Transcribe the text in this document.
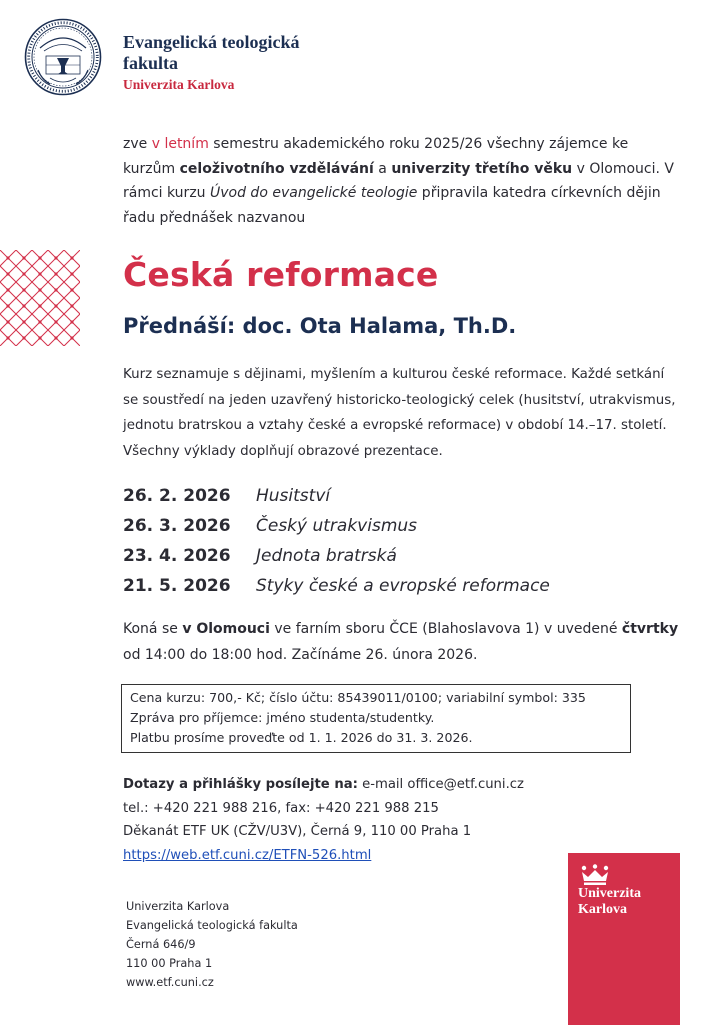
Evangelická teologická
fakulta
Univerzita Karlova
zve v letním semestru akademického roku 2025/26 všechny zájemce ke kurzům celoživotního vzdělávání a univerzity třetího věku v Olomouci. V rámci kurzu Úvod do evangelické teologie připravila katedra církevních dějin řadu přednášek nazvanou
Česká reformace
Přednáší: doc. Ota Halama, Th.D.
Kurz seznamuje s dějinami, myšlením a kulturou české reformace. Každé setkání se soustředí na jeden uzavřený historicko-teologický celek (husitství, utrakvismus, jednotu bratrskou a vztahy české a evropské reformace) v období 14.–17. století. Všechny výklady doplňují obrazové prezentace.
26. 2. 2026 Husitství
26. 3. 2026 Český utrakvismus
23. 4. 2026 Jednota bratrská
21. 5. 2026 Styky české a evropské reformace
Koná se v Olomouci ve farním sboru ČCE (Blahoslavova 1) v uvedené čtvrtky od 14:00 do 18:00 hod. Začínáme 26. února 2026.
Cena kurzu: 700,- Kč; číslo účtu: 85439011/0100; variabilní symbol: 335
Zpráva pro příjemce: jméno studenta/studentky.
Platbu prosíme proveďte od 1. 1. 2026 do 31. 3. 2026.
Dotazy a přihlášky posílejte na: e-mail office@etf.cuni.cz
tel.: +420 221 988 216, fax: +420 221 988 215
Děkanát ETF UK (CŽV/U3V), Černá 9, 110 00 Praha 1
https://web.etf.cuni.cz/ETFN-526.html
Univerzita
Karlova
Univerzita Karlova
Evangelická teologická fakulta
Černá 646/9
110 00 Praha 1
www.etf.cuni.cz
